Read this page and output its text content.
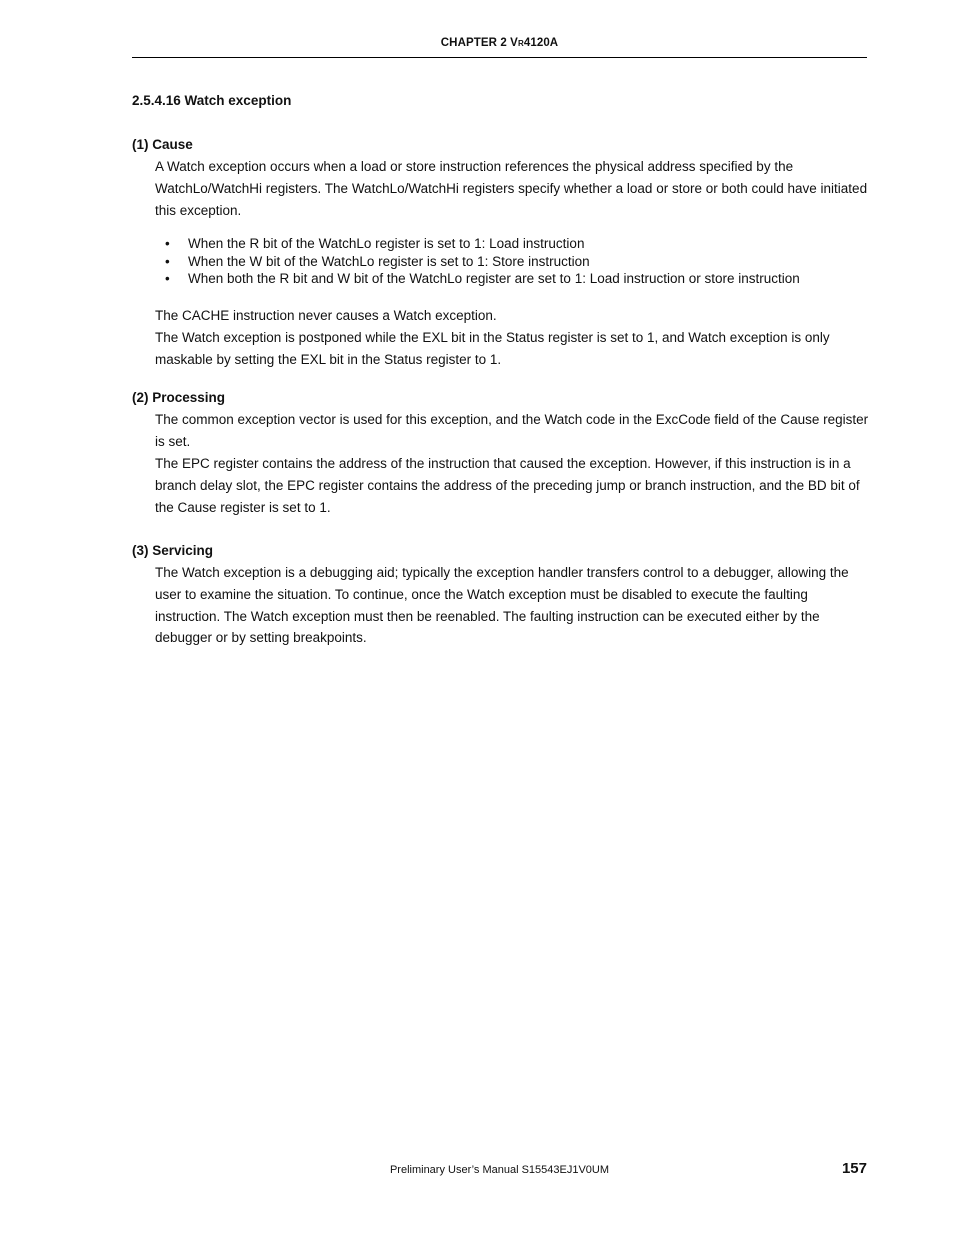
CHAPTER 2 VR4120A
2.5.4.16 Watch exception
(1) Cause

A Watch exception occurs when a load or store instruction references the physical address specified by the WatchLo/WatchHi registers. The WatchLo/WatchHi registers specify whether a load or store or both could have initiated this exception.

• When the R bit of the WatchLo register is set to 1: Load instruction
• When the W bit of the WatchLo register is set to 1: Store instruction
• When both the R bit and W bit of the WatchLo register are set to 1: Load instruction or store instruction

The CACHE instruction never causes a Watch exception.

The Watch exception is postponed while the EXL bit in the Status register is set to 1, and Watch exception is only maskable by setting the EXL bit in the Status register to 1.

(2) Processing

The common exception vector is used for this exception, and the Watch code in the ExcCode field of the Cause register is set.

The EPC register contains the address of the instruction that caused the exception. However, if this instruction is in a branch delay slot, the EPC register contains the address of the preceding jump or branch instruction, and the BD bit of the Cause register is set to 1.

(3) Servicing

The Watch exception is a debugging aid; typically the exception handler transfers control to a debugger, allowing the user to examine the situation. To continue, once the Watch exception must be disabled to execute the faulting instruction. The Watch exception must then be reenabled. The faulting instruction can be executed either by the debugger or by setting breakpoints.

Preliminary User’s Manual S15543EJ1V0UM	157
